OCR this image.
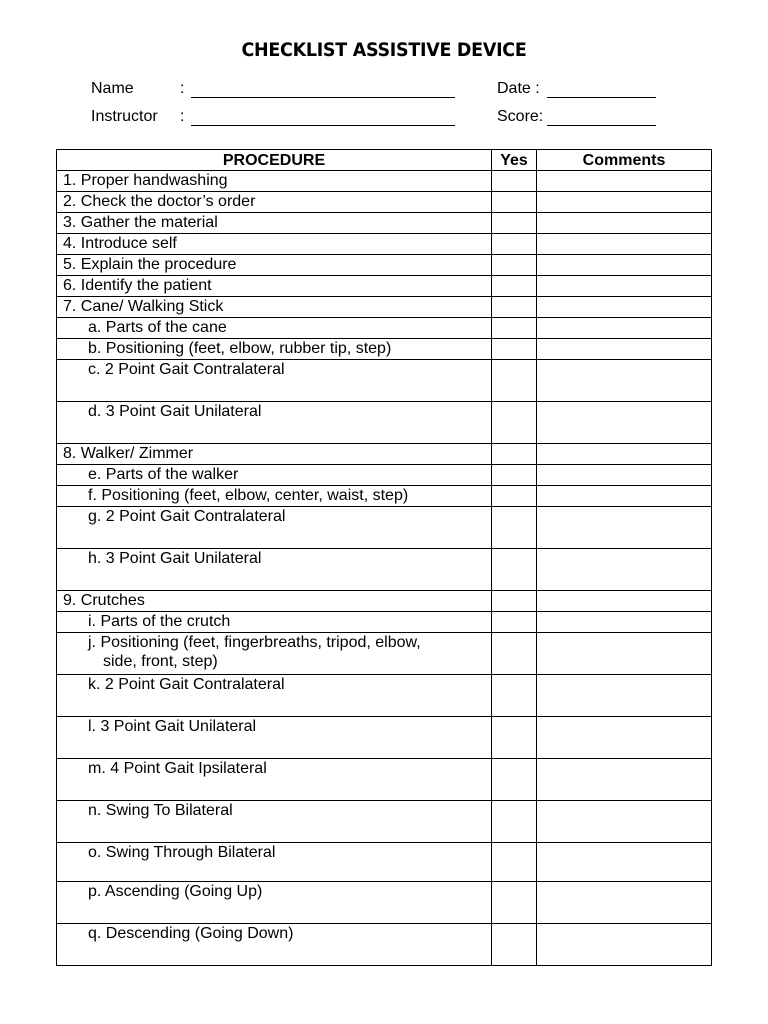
CHECKLIST ASSISTIVE DEVICE
Name	:	Date :
Instructor :	Score:
PROCEDURE	Yes	Comments
1. Proper handwashing		
2. Check the doctor’s order		
3. Gather the material		
4. Introduce self		
5. Explain the procedure		
6. Identify the patient		
7. Cane/ Walking Stick		
a. Parts of the cane		
b. Positioning (feet, elbow, rubber tip, step)		
c. 2 Point Gait Contralateral		
d. 3 Point Gait Unilateral		
8. Walker/ Zimmer		
e. Parts of the walker		
f. Positioning (feet, elbow, center, waist, step)		
g. 2 Point Gait Contralateral		
h. 3 Point Gait Unilateral		
9. Crutches		
i. Parts of the crutch		
j. Positioning (feet, fingerbreaths, tripod, elbow,
side, front, step)		

k. 2 Point Gait Contralateral		
l. 3 Point Gait Unilateral		
m. 4 Point Gait Ipsilateral		
n. Swing To Bilateral		
o. Swing Through Bilateral		
p. Ascending (Going Up)		
q. Descending (Going Down)		
